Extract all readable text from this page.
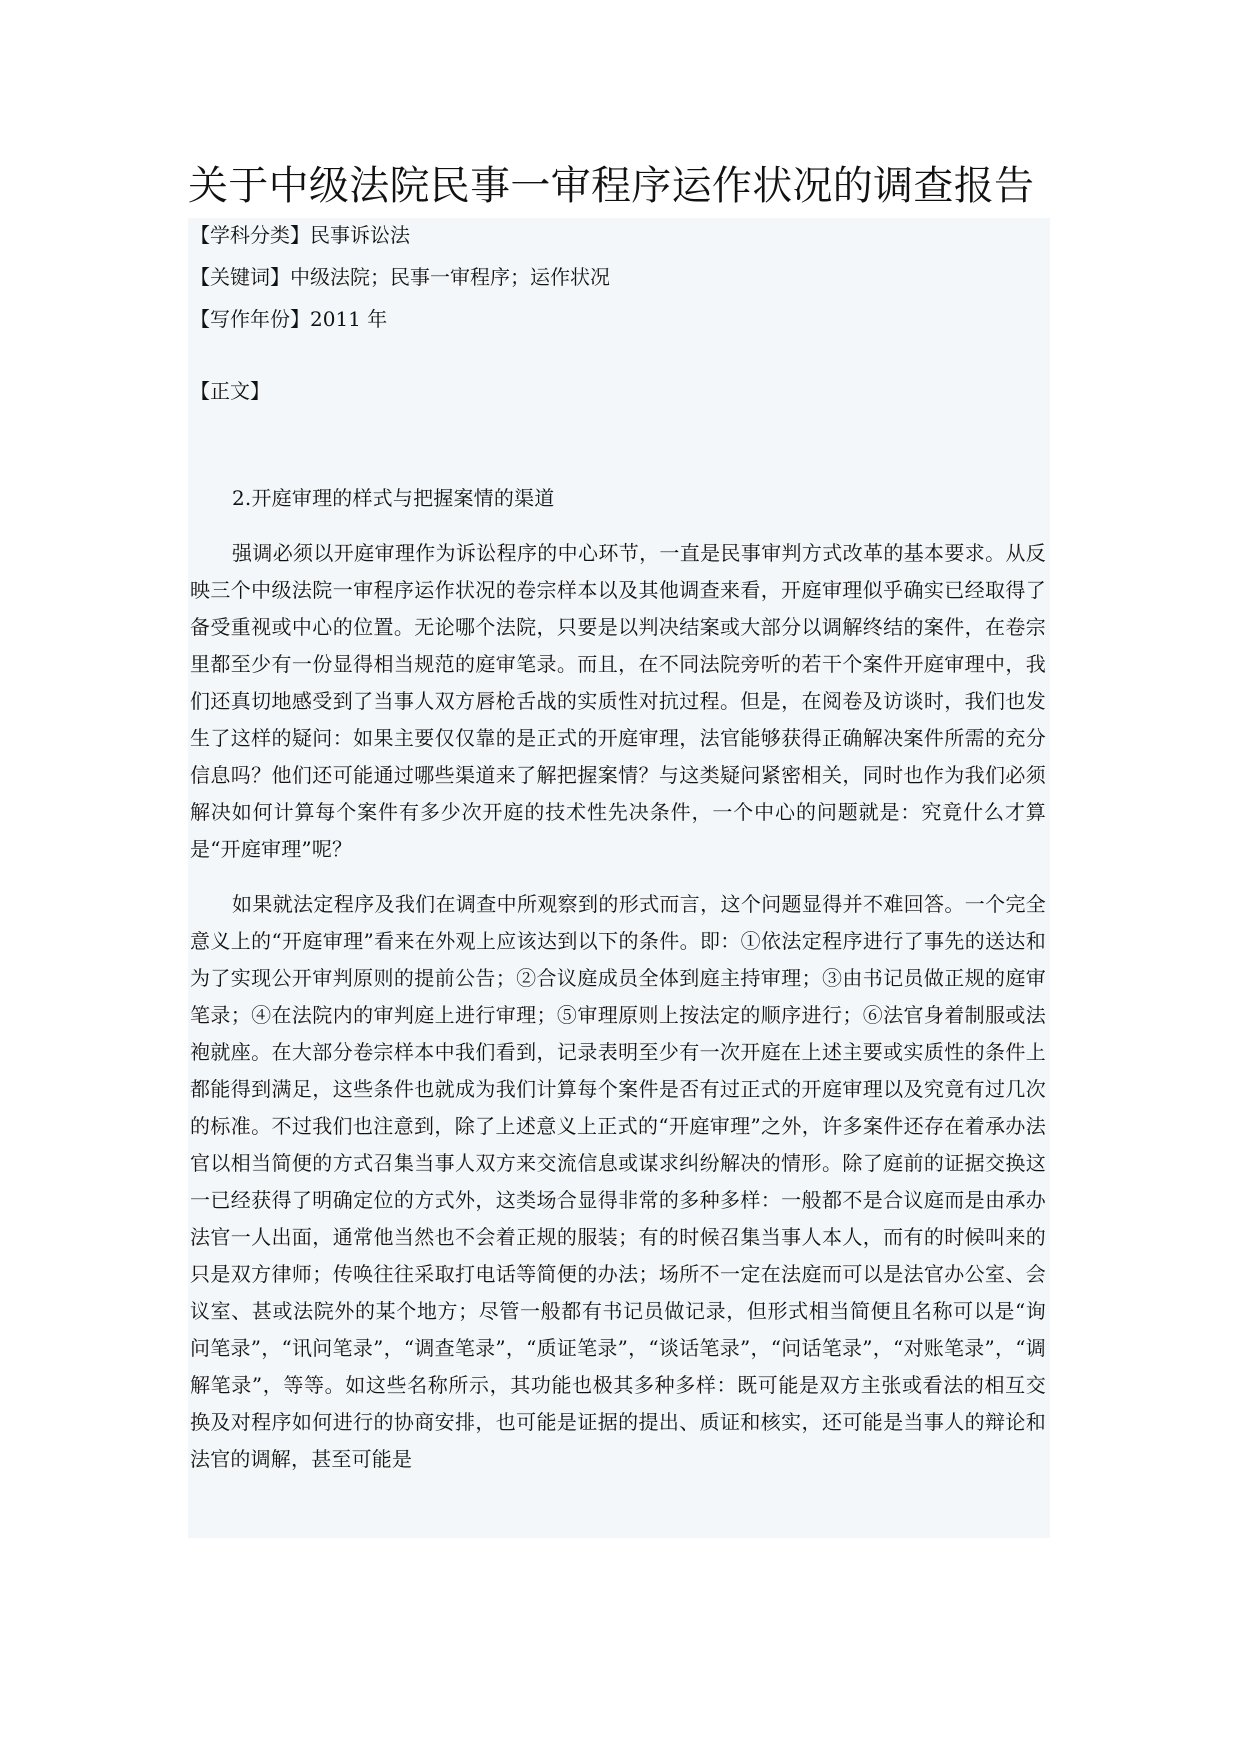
关于中级法院民事一审程序运作状况的调查报告

【学科分类】民事诉讼法

【关键词】中级法院；民事一审程序；运作状况

【写作年份】2011 年

【正文】

2.开庭审理的样式与把握案情的渠道

强调必须以开庭审理作为诉讼程序的中心环节，一直是民事审判方式改革的基本要求。从反映三个中级法院一审程序运作状况的卷宗样本以及其他调查来看，开庭审理似乎确实已经取得了备受重视或中心的位置。无论哪个法院，只要是以判决结案或大部分以调解终结的案件，在卷宗里都至少有一份显得相当规范的庭审笔录。而且，在不同法院旁听的若干个案件开庭审理中，我们还真切地感受到了当事人双方唇枪舌战的实质性对抗过程。但是，在阅卷及访谈时，我们也发生了这样的疑问：如果主要仅仅靠的是正式的开庭审理，法官能够获得正确解决案件所需的充分信息吗？他们还可能通过哪些渠道来了解把握案情？与这类疑问紧密相关，同时也作为我们必须解决如何计算每个案件有多少次开庭的技术性先决条件，一个中心的问题就是：究竟什么才算是“开庭审理”呢？

如果就法定程序及我们在调查中所观察到的形式而言，这个问题显得并不难回答。一个完全意义上的“开庭审理”看来在外观上应该达到以下的条件。即：①依法定程序进行了事先的送达和为了实现公开审判原则的提前公告；②合议庭成员全体到庭主持审理；③由书记员做正规的庭审笔录；④在法院内的审判庭上进行审理；⑤审理原则上按法定的顺序进行；⑥法官身着制服或法袍就座。在大部分卷宗样本中我们看到，记录表明至少有一次开庭在上述主要或实质性的条件上都能得到满足，这些条件也就成为我们计算每个案件是否有过正式的开庭审理以及究竟有过几次的标准。不过我们也注意到，除了上述意义上正式的“开庭审理”之外，许多案件还存在着承办法官以相当简便的方式召集当事人双方来交流信息或谋求纠纷解决的情形。除了庭前的证据交换这一已经获得了明确定位的方式外，这类场合显得非常的多种多样：一般都不是合议庭而是由承办法官一人出面，通常他当然也不会着正规的服装；有的时候召集当事人本人，而有的时候叫来的只是双方律师；传唤往往采取打电话等简便的办法；场所不一定在法庭而可以是法官办公室、会议室、甚或法院外的某个地方；尽管一般都有书记员做记录，但形式相当简便且名称可以是“询问笔录”，“讯问笔录”，“调查笔录”，“质证笔录”，“谈话笔录”，“问话笔录”，“对账笔录”，“调解笔录”，等等。如这些名称所示，其功能也极其多种多样：既可能是双方主张或看法的相互交换及对程序如何进行的协商安排，也可能是证据的提出、质证和核实，还可能是当事人的辩论和法官的调解，甚至可能是
